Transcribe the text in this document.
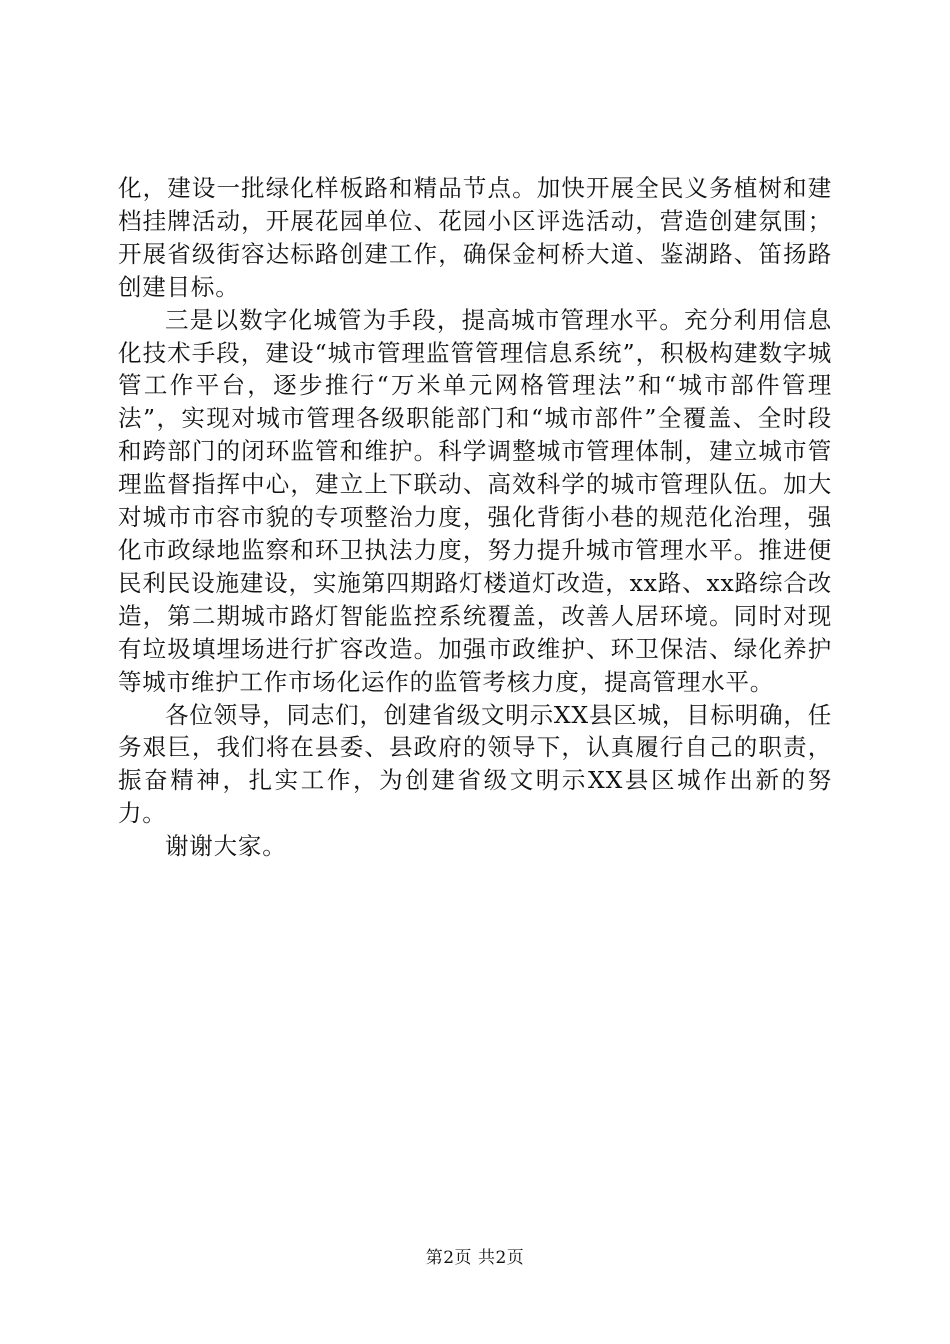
化，建设一批绿化样板路和精品节点。加快开展全民义务植树和建档挂牌活动，开展花园单位、花园小区评选活动，营造创建氛围；开展省级街容达标路创建工作，确保金柯桥大道、鉴湖路、笛扬路创建目标。

三是以数字化城管为手段，提高城市管理水平。充分利用信息化技术手段，建设“城市管理监管管理信息系统”，积极构建数字城管工作平台，逐步推行“万米单元网格管理法”和“城市部件管理法”，实现对城市管理各级职能部门和“城市部件”全覆盖、全时段和跨部门的闭环监管和维护。科学调整城市管理体制，建立城市管理监督指挥中心，建立上下联动、高效科学的城市管理队伍。加大对城市市容市貌的专项整治力度，强化背街小巷的规范化治理，强化市政绿地监察和环卫执法力度，努力提升城市管理水平。推进便民利民设施建设，实施第四期路灯楼道灯改造，xx路、xx路综合改造，第二期城市路灯智能监控系统覆盖，改善人居环境。同时对现有垃圾填埋场进行扩容改造。加强市政维护、环卫保洁、绿化养护等城市维护工作市场化运作的监管考核力度，提高管理水平。

各位领导，同志们，创建省级文明示XX县区城，目标明确，任务艰巨，我们将在县委、县政府的领导下，认真履行自己的职责，振奋精神，扎实工作，为创建省级文明示XX县区城作出新的努力。

谢谢大家。

第2页 共2页
